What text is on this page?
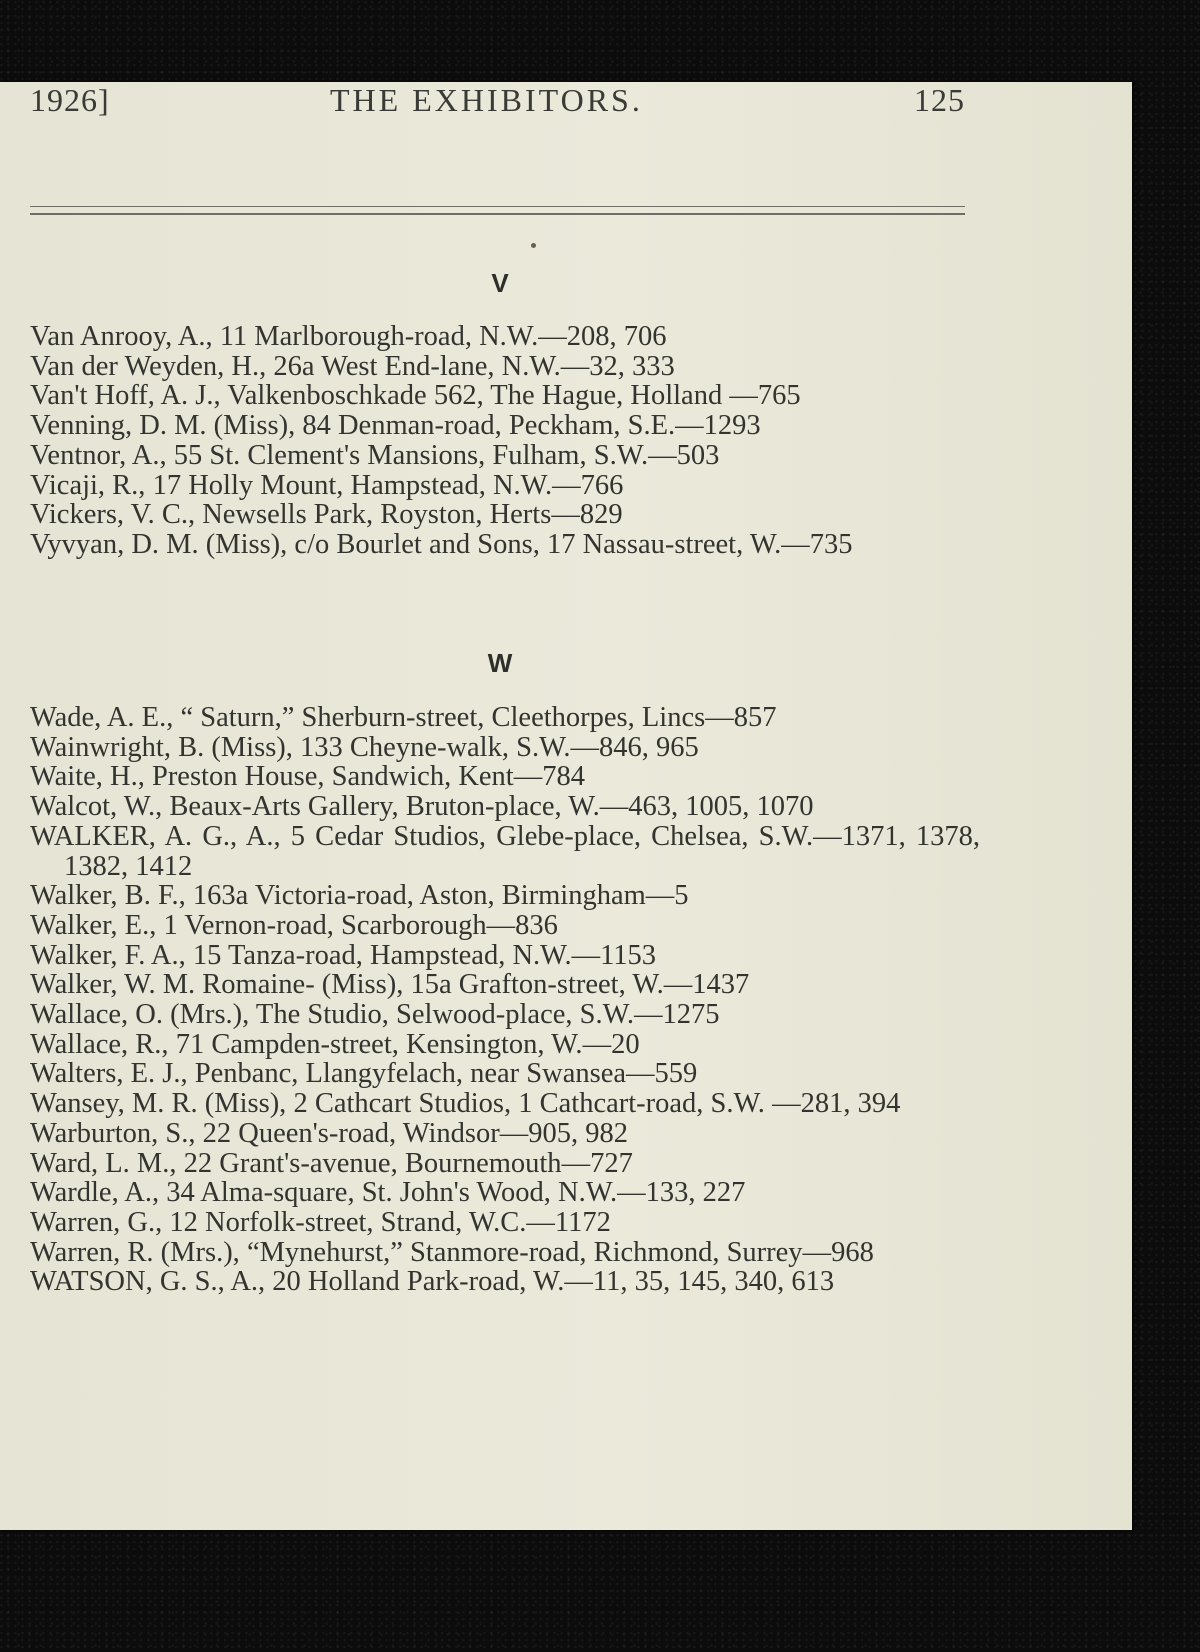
1926]	THE EXHIBITORS.	125
V
Van Anrooy, A., 11 Marlborough-road, N.W.—208, 706
Van der Weyden, H., 26a West End-lane, N.W.—32, 333
Van't Hoff, A. J., Valkenboschkade 562, The Hague, Holland —765
Venning, D. M. (Miss), 84 Denman-road, Peckham, S.E.—1293
Ventnor, A., 55 St. Clement's Mansions, Fulham, S.W.—503
Vicaji, R., 17 Holly Mount, Hampstead, N.W.—766
Vickers, V. C., Newsells Park, Royston, Herts—829
Vyvyan, D. M. (Miss), c/o Bourlet and Sons, 17 Nassau-street, W.—735
W
Wade, A. E., “ Saturn,” Sherburn-street, Cleethorpes, Lincs—857
Wainwright, B. (Miss), 133 Cheyne-walk, S.W.—846, 965
Waite, H., Preston House, Sandwich, Kent—784
Walcot, W., Beaux-Arts Gallery, Bruton-place, W.—463, 1005, 1070
WALKER, A. G., A., 5 Cedar Studios, Glebe-place, Chelsea, S.W.—1371, 1378, 1382, 1412
Walker, B. F., 163a Victoria-road, Aston, Birmingham—5
Walker, E., 1 Vernon-road, Scarborough—836
Walker, F. A., 15 Tanza-road, Hampstead, N.W.—1153
Walker, W. M. Romaine- (Miss), 15a Grafton-street, W.—1437
Wallace, O. (Mrs.), The Studio, Selwood-place, S.W.—1275
Wallace, R., 71 Campden-street, Kensington, W.—20
Walters, E. J., Penbanc, Llangyfelach, near Swansea—559
Wansey, M. R. (Miss), 2 Cathcart Studios, 1 Cathcart-road, S.W. —281, 394
Warburton, S., 22 Queen's-road, Windsor—905, 982
Ward, L. M., 22 Grant's-avenue, Bournemouth—727
Wardle, A., 34 Alma-square, St. John's Wood, N.W.—133, 227
Warren, G., 12 Norfolk-street, Strand, W.C.—1172
Warren, R. (Mrs.), “Mynehurst,” Stanmore-road, Richmond, Surrey—968
WATSON, G. S., A., 20 Holland Park-road, W.—11, 35, 145, 340, 613
